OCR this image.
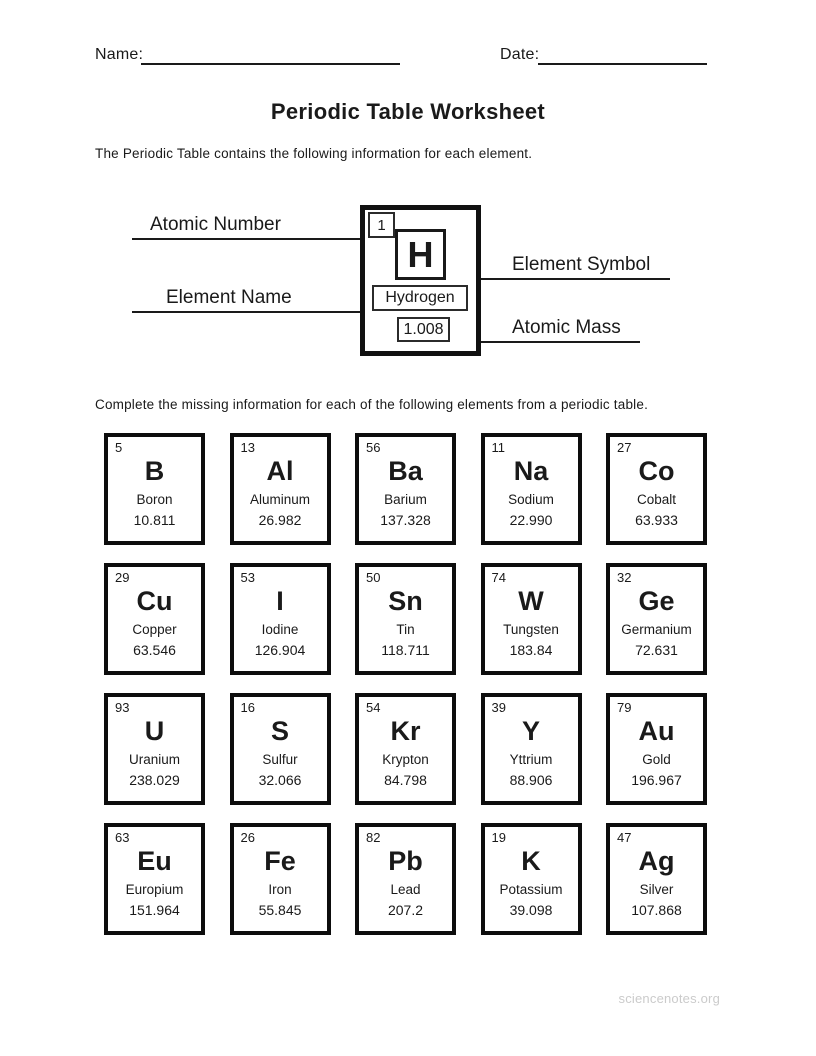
Name:	Date:
Periodic Table Worksheet
The Periodic Table contains the following information for each element.
Atomic Number
Element Symbol
Element Name
Atomic Mass
1
H
Hydrogen
1.008
Complete the missing information for each of the following elements from a periodic table.
5
B
Boron
10.811
13
Al
Aluminum
26.982
56
Ba
Barium
137.328
11
Na
Sodium
22.990
27
Co
Cobalt
63.933
29
Cu
Copper
63.546
53
I
Iodine
126.904
50
Sn
Tin
118.711
74
W
Tungsten
183.84
32
Ge
Germanium
72.631
93
U
Uranium
238.029
16
S
Sulfur
32.066
54
Kr
Krypton
84.798
39
Y
Yttrium
88.906
79
Au
Gold
196.967
63
Eu
Europium
151.964
26
Fe
Iron
55.845
82
Pb
Lead
207.2
19
K
Potassium
39.098
47
Ag
Silver
107.868
sciencenotes.org
